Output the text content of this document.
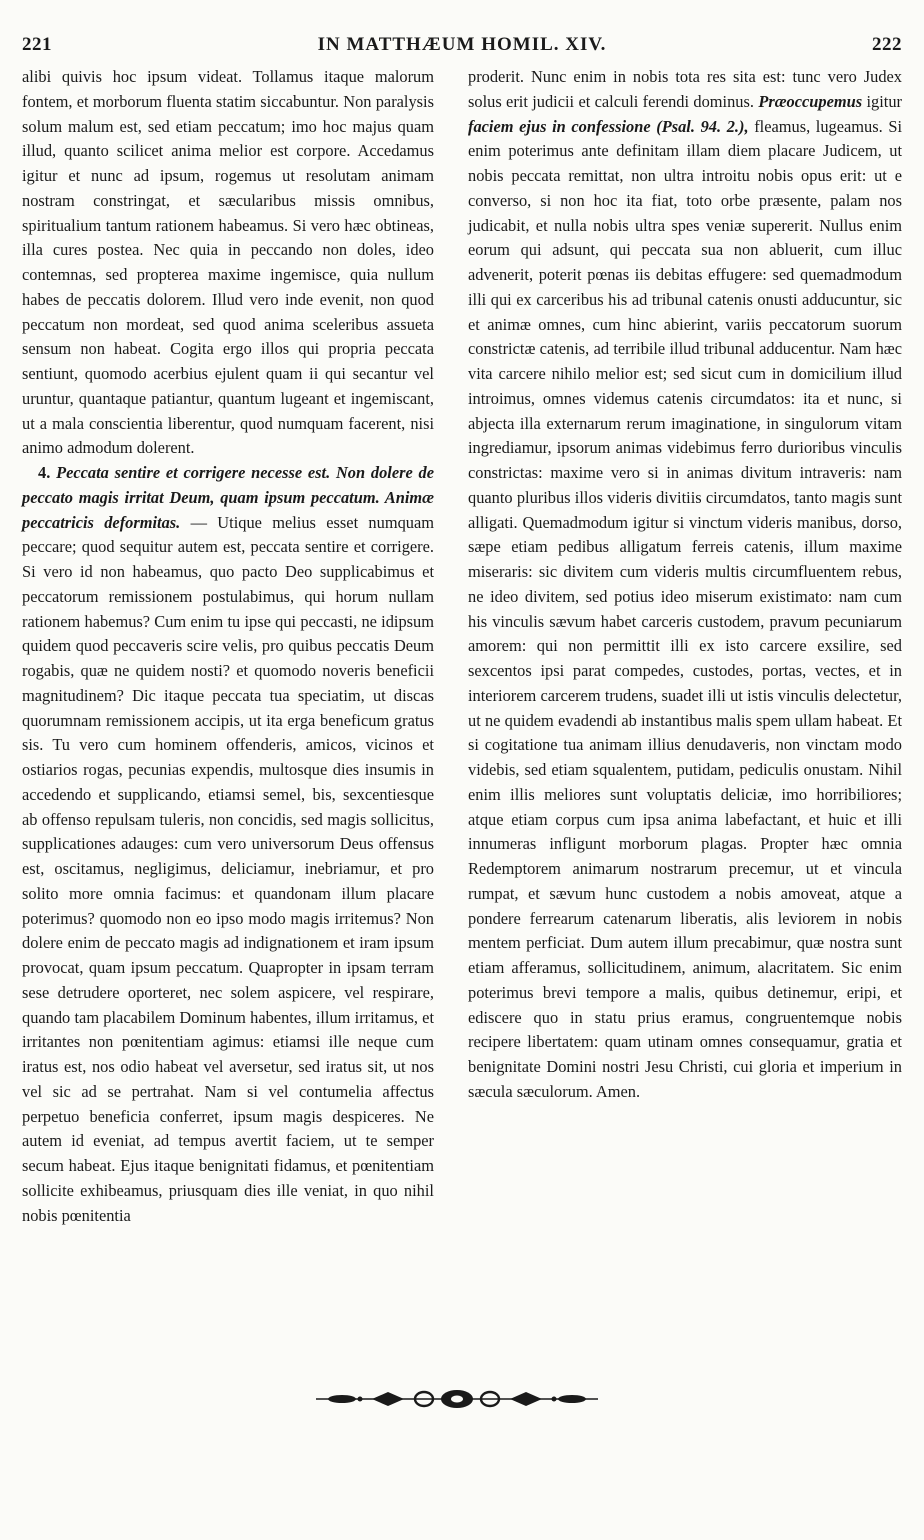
221	IN MATTHÆUM HOMIL. XIV.	222

alibi quivis hoc ipsum videat. Tollamus itaque malorum fontem, et morborum fluenta statim siccabuntur. Non paralysis solum malum est, sed etiam peccatum; imo hoc majus quam illud, quanto scilicet anima melior est corpore. Accedamus igitur et nunc ad ipsum, rogemus ut resolutam animam nostram constringat, et sæcularibus missis omnibus, spiritualium tantum rationem habeamus. Si vero hæc obtineas, illa cures postea. Nec quia in peccando non doles, ideo contemnas, sed propterea maxime ingemisce, quia nullum habes de peccatis dolorem. Illud vero inde evenit, non quod peccatum non mordeat, sed quod anima sceleribus assueta sensum non habeat. Cogita ergo illos qui propria peccata sentiunt, quomodo acerbius ejulent quam ii qui secantur vel uruntur, quantaque patiantur, quantum lugeant et ingemiscant, ut a mala conscientia liberentur, quod numquam facerent, nisi animo admodum dolerent.

4. Peccata sentire et corrigere necesse est. Non dolere de peccato magis irritat Deum, quam ipsum peccatum. Animæ peccatricis deformitas. — Utique melius esset numquam peccare; quod sequitur autem est, peccata sentire et corrigere. Si vero id non habeamus, quo pacto Deo supplicabimus et peccatorum remissionem postulabimus, qui horum nullam rationem habemus? Cum enim tu ipse qui peccasti, ne idipsum quidem quod peccaveris scire velis, pro quibus peccatis Deum rogabis, quæ ne quidem nosti? et quomodo noveris beneficii magnitudinem? Dic itaque peccata tua speciatim, ut discas quorumnam remissionem accipis, ut ita erga beneficum gratus sis. Tu vero cum hominem offenderis, amicos, vicinos et ostiarios rogas, pecunias expendis, multosque dies insumis in accedendo et supplicando, etiamsi semel, bis, sexcentiesque ab offenso repulsam tuleris, non concidis, sed magis sollicitus, supplicationes adauges: cum vero universorum Deus offensus est, oscitamus, negligimus, deliciamur, inebriamur, et pro solito more omnia facimus: et quandonam illum placare poterimus? quomodo non eo ipso modo magis irritemus? Non dolere enim de peccato magis ad indignationem et iram ipsum provocat, quam ipsum peccatum. Quapropter in ipsam terram sese detrudere oporteret, nec solem aspicere, vel respirare, quando tam placabilem Dominum habentes, illum irritamus, et irritantes non pœnitentiam agimus: etiamsi ille neque cum iratus est, nos odio habeat vel aversetur, sed iratus sit, ut nos vel sic ad se pertrahat. Nam si vel contumelia affectus perpetuo beneficia conferret, ipsum magis despiceres. Ne autem id eveniat, ad tempus avertit faciem, ut te semper secum habeat. Ejus itaque benignitati fidamus, et pœnitentiam sollicite exhibeamus, priusquam dies ille veniat, in quo nihil nobis pœnitentia

proderit. Nunc enim in nobis tota res sita est: tunc vero Judex solus erit judicii et calculi ferendi dominus. Præoccupemus igitur faciem ejus in confessione (Psal. 94. 2.), fleamus, lugeamus. Si enim poterimus ante definitam illam diem placare Judicem, ut nobis peccata remittat, non ultra introitu nobis opus erit: ut e converso, si non hoc ita fiat, toto orbe præsente, palam nos judicabit, et nulla nobis ultra spes veniæ supererit. Nullus enim eorum qui adsunt, qui peccata sua non abluerit, cum illuc advenerit, poterit pœnas iis debitas effugere: sed quemadmodum illi qui ex carceribus his ad tribunal catenis onusti adducuntur, sic et animæ omnes, cum hinc abierint, variis peccatorum suorum constrictæ catenis, ad terribile illud tribunal adducentur. Nam hæc vita carcere nihilo melior est; sed sicut cum in domicilium illud introimus, omnes videmus catenis circumdatos: ita et nunc, si abjecta illa externarum rerum imaginatione, in singulorum vitam ingrediamur, ipsorum animas videbimus ferro durioribus vinculis constrictas: maxime vero si in animas divitum intraveris: nam quanto pluribus illos videris divitiis circumdatos, tanto magis sunt alligati. Quemadmodum igitur si vinctum videris manibus, dorso, sæpe etiam pedibus alligatum ferreis catenis, illum maxime miseraris: sic divitem cum videris multis circumfluentem rebus, ne ideo divitem, sed potius ideo miserum existimato: nam cum his vinculis sævum habet carceris custodem, pravum pecuniarum amorem: qui non permittit illi ex isto carcere exsilire, sed sexcentos ipsi parat compedes, custodes, portas, vectes, et in interiorem carcerem trudens, suadet illi ut istis vinculis delectetur, ut ne quidem evadendi ab instantibus malis spem ullam habeat. Et si cogitatione tua animam illius denudaveris, non vinctam modo videbis, sed etiam squalentem, putidam, pediculis onustam. Nihil enim illis meliores sunt voluptatis deliciæ, imo horribiliores; atque etiam corpus cum ipsa anima labefactant, et huic et illi innumeras infligunt morborum plagas. Propter hæc omnia Redemptorem animarum nostrarum precemur, ut et vincula rumpat, et sævum hunc custodem a nobis amoveat, atque a pondere ferrearum catenarum liberatis, alis leviorem in nobis mentem perficiat. Dum autem illum precabimur, quæ nostra sunt etiam afferamus, sollicitudinem, animum, alacritatem. Sic enim poterimus brevi tempore a malis, quibus detinemur, eripi, et ediscere quo in statu prius eramus, congruentemque nobis recipere libertatem: quam utinam omnes consequamur, gratia et benignitate Domini nostri Jesu Christi, cui gloria et imperium in sæcula sæculorum. Amen.
